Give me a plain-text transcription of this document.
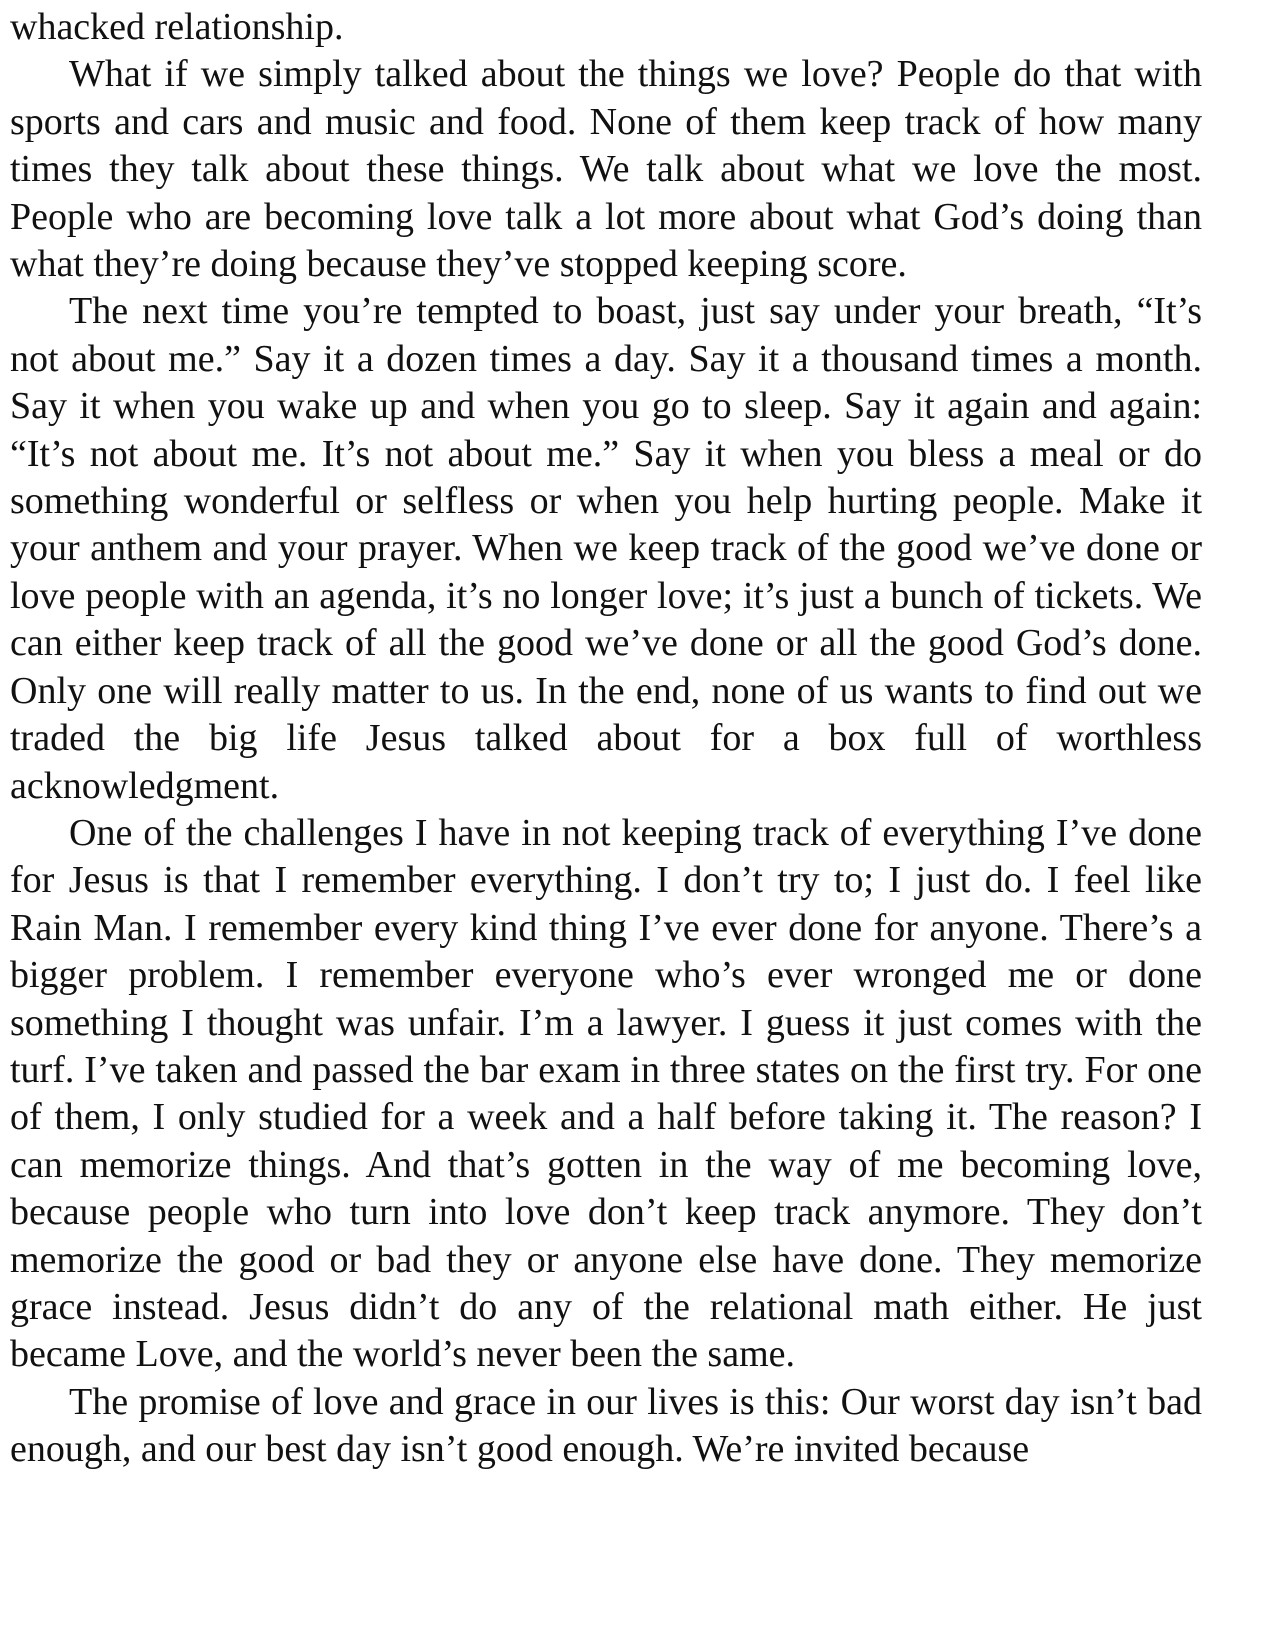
whacked relationship.

What if we simply talked about the things we love? People do that with sports and cars and music and food. None of them keep track of how many times they talk about these things. We talk about what we love the most. People who are becoming love talk a lot more about what God’s doing than what they’re doing because they’ve stopped keeping score.

The next time you’re tempted to boast, just say under your breath, “It’s not about me.” Say it a dozen times a day. Say it a thousand times a month. Say it when you wake up and when you go to sleep. Say it again and again: “It’s not about me. It’s not about me.” Say it when you bless a meal or do something wonderful or selfless or when you help hurting people. Make it your anthem and your prayer. When we keep track of the good we’ve done or love people with an agenda, it’s no longer love; it’s just a bunch of tickets. We can either keep track of all the good we’ve done or all the good God’s done. Only one will really matter to us. In the end, none of us wants to find out we traded the big life Jesus talked about for a box full of worthless acknowledgment.

One of the challenges I have in not keeping track of everything I’ve done for Jesus is that I remember everything. I don’t try to; I just do. I feel like Rain Man. I remember every kind thing I’ve ever done for anyone. There’s a bigger problem. I remember everyone who’s ever wronged me or done something I thought was unfair. I’m a lawyer. I guess it just comes with the turf. I’ve taken and passed the bar exam in three states on the first try. For one of them, I only studied for a week and a half before taking it. The reason? I can memorize things. And that’s gotten in the way of me becoming love, because people who turn into love don’t keep track anymore. They don’t memorize the good or bad they or anyone else have done. They memorize grace instead. Jesus didn’t do any of the relational math either. He just became Love, and the world’s never been the same.

The promise of love and grace in our lives is this: Our worst day isn’t bad enough, and our best day isn’t good enough. We’re invited because
